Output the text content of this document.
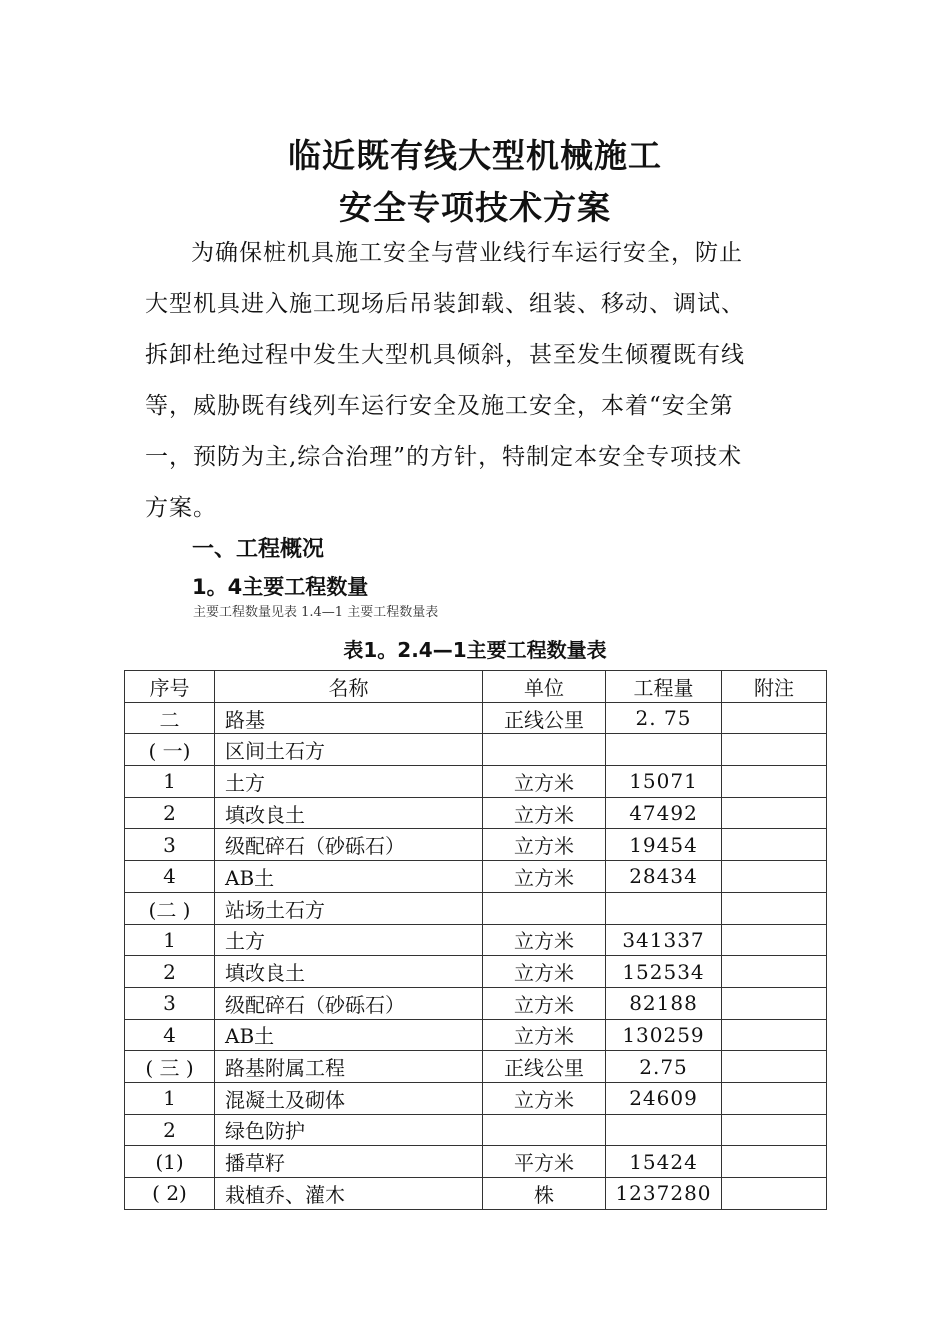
临近既有线大型机械施工
安全专项技术方案
为确保桩机具施工安全与营业线行车运行安全，防止
大型机具进入施工现场后吊装卸载、组装、移动、调试、
拆卸杜绝过程中发生大型机具倾斜，甚至发生倾覆既有线
等，威胁既有线列车运行安全及施工安全，本着“安全第
一，预防为主,综合治理”的方针，特制定本安全专项技术
方案。
一、工程概况
1。4主要工程数量
主要工程数量见表 1.4—1 主要工程数量表
表1。2.4—1主要工程数量表
序号	名称	单位	工程量	附注
二	路基	正线公里	2. 75	
( 一)	区间土石方			
1	土方	立方米	15071	
2	填改良土	立方米	47492	
3	级配碎石（砂砾石）	立方米	19454	
4	AB土	立方米	28434	
(二 )	站场土石方			
1	土方	立方米	341337	
2	填改良土	立方米	152534	
3	级配碎石（砂砾石）	立方米	82188	
4	AB土	立方米	130259	
( 三 )	路基附属工程	正线公里	2.75	
1	混凝土及砌体	立方米	24609	
2	绿色防护			
(1)	播草籽	平方米	15424	
( 2)	栽植乔、灌木	株	1237280	
